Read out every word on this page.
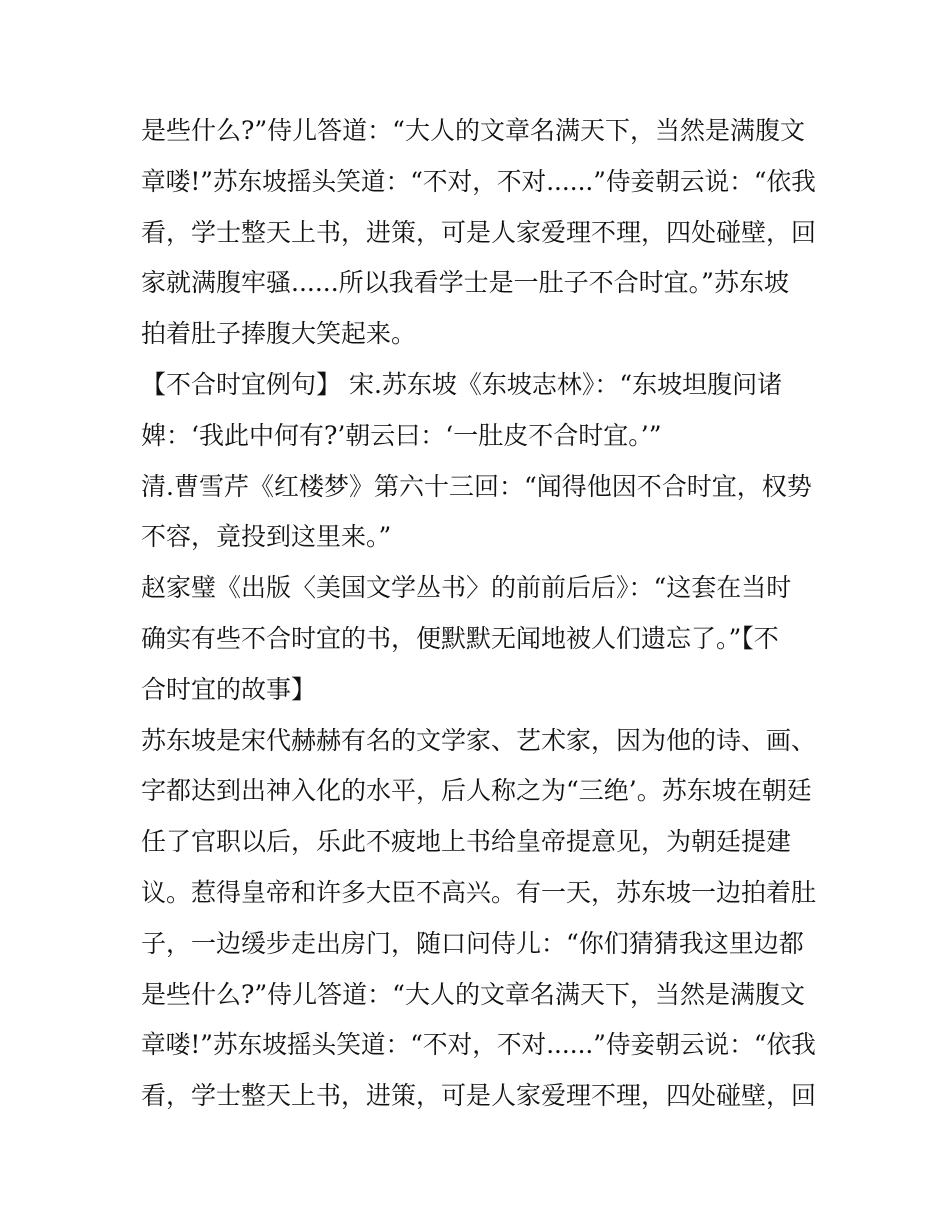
是些什么?”侍儿答道：“大人的文章名满天下，当然是满腹文
章喽!”苏东坡摇头笑道：“不对，不对......”侍妾朝云说：“依我
看，学士整天上书，进策，可是人家爱理不理，四处碰壁，回
家就满腹牢骚......所以我看学士是一肚子不合时宜。”苏东坡
拍着肚子捧腹大笑起来。
【不合时宜例句】 宋.苏东坡《东坡志林》：“东坡坦腹问诸
婢：‘我此中何有?’朝云曰：‘一肚皮不合时宜。’”
清.曹雪芹《红楼梦》第六十三回：“闻得他因不合时宜，权势
不容，竟投到这里来。”
赵家璧《出版〈美国文学丛书〉的前前后后》：“这套在当时
确实有些不合时宜的书，便默默无闻地被人们遗忘了。”【不
合时宜的故事】
苏东坡是宋代赫赫有名的文学家、艺术家，因为他的诗、画、
字都达到出神入化的水平，后人称之为“三绝’。苏东坡在朝廷
任了官职以后，乐此不疲地上书给皇帝提意见，为朝廷提建
议。惹得皇帝和许多大臣不高兴。有一天，苏东坡一边拍着肚
子，一边缓步走出房门，随口问侍儿：“你们猜猜我这里边都
是些什么?”侍儿答道：“大人的文章名满天下，当然是满腹文
章喽!”苏东坡摇头笑道：“不对，不对......”侍妾朝云说：“依我
看，学士整天上书，进策，可是人家爱理不理，四处碰壁，回
